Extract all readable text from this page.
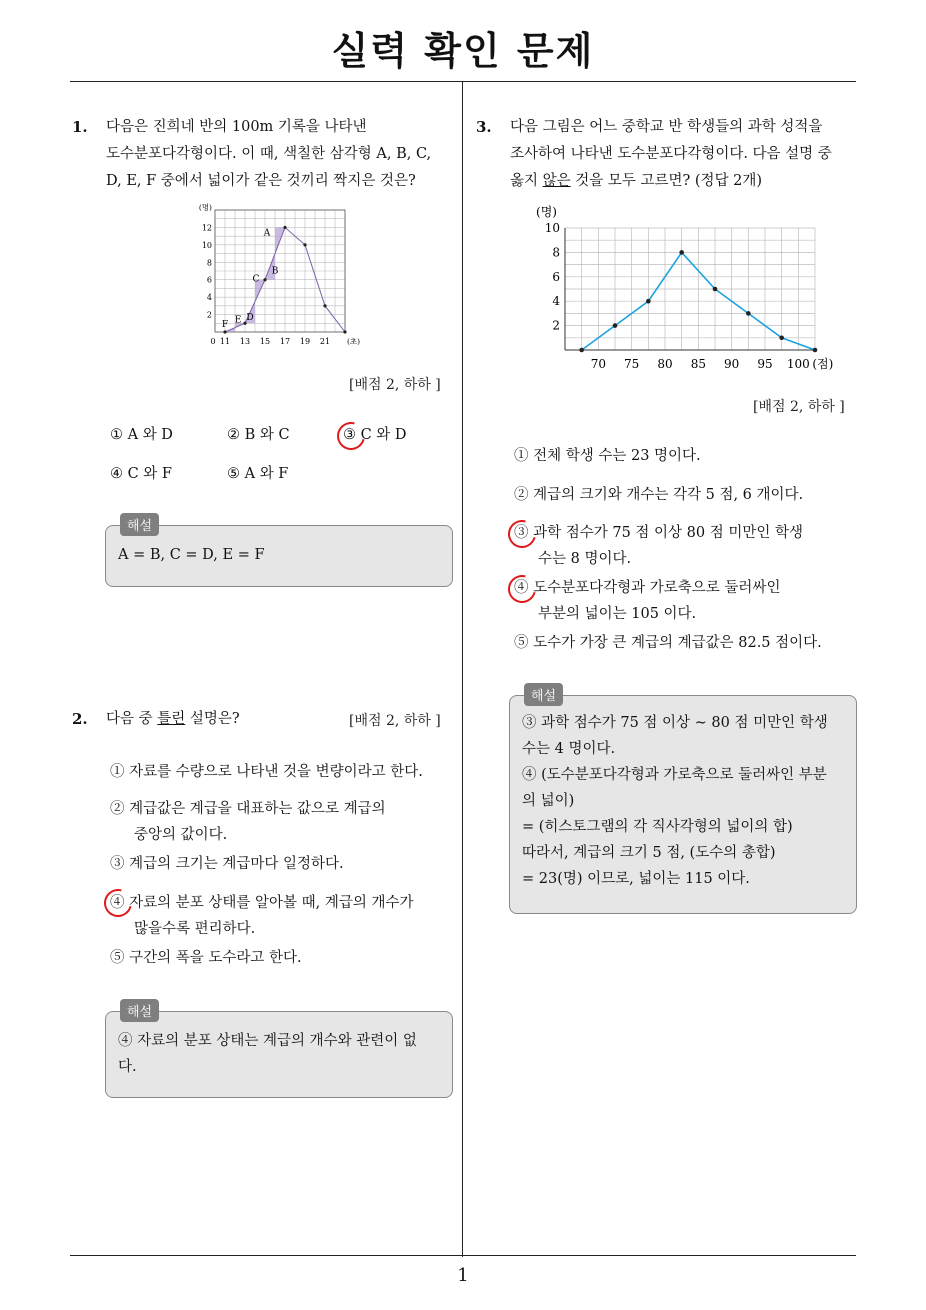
실력 확인 문제
1. 다음은 진희네 반의 100m 기록을 나타낸
도수분포다각형이다. 이 때, 색칠한 삼각형 A, B, C,
D, E, F 중에서 넓이가 같은 것끼리 짝지은 것은?
A
B
C
D
E
F
2
4
6
8
10
12
(명)
0 11 13 15 17 19 21 (초)
[배점 2, 하하 ]
① A 와 D	② B 와 C	③ C 와 D
④ C 와 F	⑤ A 와 F
A = B, C = D, E = F
해설
2. 다음 중 틀린 설명은?	[배점 2, 하하 ]
① 자료를 수량으로 나타낸 것을 변량이라고 한다.
② 계급값은 계급을 대표하는 값으로 계급의
중앙의 값이다.
③ 계급의 크기는 계급마다 일정하다.
④ 자료의 분포 상태를 알아볼 때, 계급의 개수가
많을수록 편리하다.
⑤ 구간의 폭을 도수라고 한다.
④ 자료의 분포 상태는 계급의 개수와 관련이 없
다.
해설
3. 다음 그림은 어느 중학교 반 학생들의 과학 성적을
조사하여 나타낸 도수분포다각형이다. 다음 설명 중
옳지 않은 것을 모두 고르면? (정답 2개)
2
4
6
8
10
(명)
70 75 80 85 90 95 100 (점)
[배점 2, 하하 ]
① 전체 학생 수는 23 명이다.
② 계급의 크기와 개수는 각각 5 점, 6 개이다.
③ 과학 점수가 75 점 이상 80 점 미만인 학생
수는 8 명이다.
④ 도수분포다각형과 가로축으로 둘러싸인
부분의 넓이는 105 이다.
⑤ 도수가 가장 큰 계급의 계급값은 82.5 점이다.
③ 과학 점수가 75 점 이상 ∼ 80 점 미만인 학생
수는 4 명이다.
④ (도수분포다각형과 가로축으로 둘러싸인 부분
의 넓이)
= (히스토그램의 각 직사각형의 넓이의 합)
따라서, 계급의 크기 5 점, (도수의 총합)
= 23(명) 이므로, 넓이는 115 이다.
해설
1
